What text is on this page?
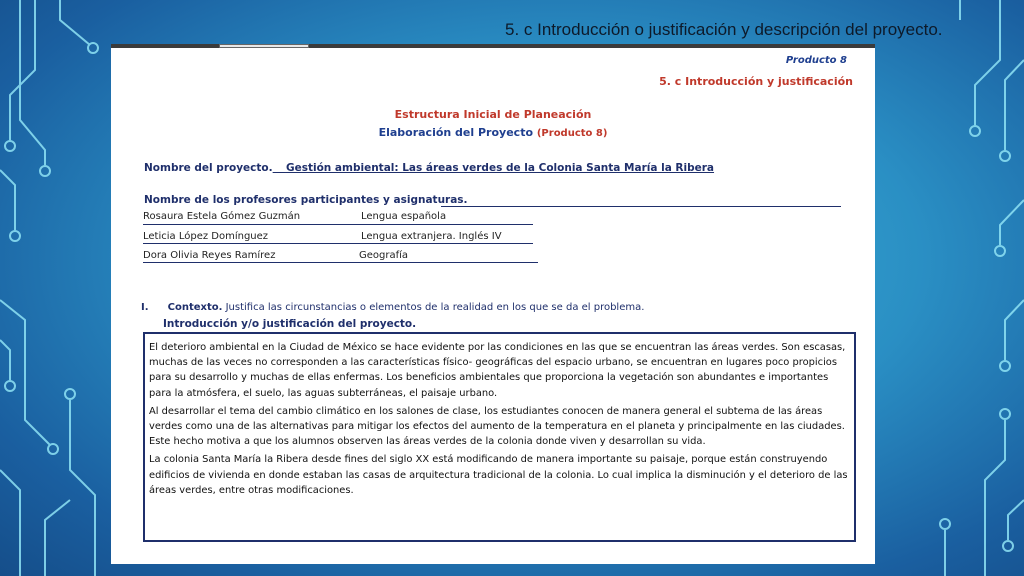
5. c Introducción o justificación y descripción del proyecto.
Producto 8
5. c Introducción y justificación
Estructura Inicial de Planeación
Elaboración del Proyecto (Producto 8)
Nombre del proyecto. Gestión ambiental: Las áreas verdes de la Colonia Santa María la Ribera
Nombre de los profesores participantes y asignaturas.
Rosaura Estela Gómez Guzmán	Lengua española
Leticia López Domínguez	Lengua extranjera. Inglés IV
Dora Olivia Reyes Ramírez	Geografía
I. Contexto. Justifica las circunstancias o elementos de la realidad en los que se da el problema.
Introducción y/o justificación del proyecto.

El deterioro ambiental en la Ciudad de México se hace evidente por las condiciones en las que se encuentran las áreas verdes. Son escasas, muchas de las veces no corresponden a las características físico- geográficas del espacio urbano, se encuentran en lugares poco propicios para su desarrollo y muchas de ellas enfermas. Los beneficios ambientales que proporciona la vegetación son abundantes e importantes para la atmósfera, el suelo, las aguas subterráneas, el paisaje urbano.

Al desarrollar el tema del cambio climático en los salones de clase, los estudiantes conocen de manera general el subtema de las áreas verdes como una de las alternativas para mitigar los efectos del aumento de la temperatura en el planeta y principalmente en las ciudades. Este hecho motiva a que los alumnos observen las áreas verdes de la colonia donde viven y desarrollan su vida.

La colonia Santa María la Ribera desde fines del siglo XX está modificando de manera importante su paisaje, porque están construyendo edificios de vivienda en donde estaban las casas de arquitectura tradicional de la colonia. Lo cual implica la disminución y el deterioro de las áreas verdes, entre otras modificaciones.
